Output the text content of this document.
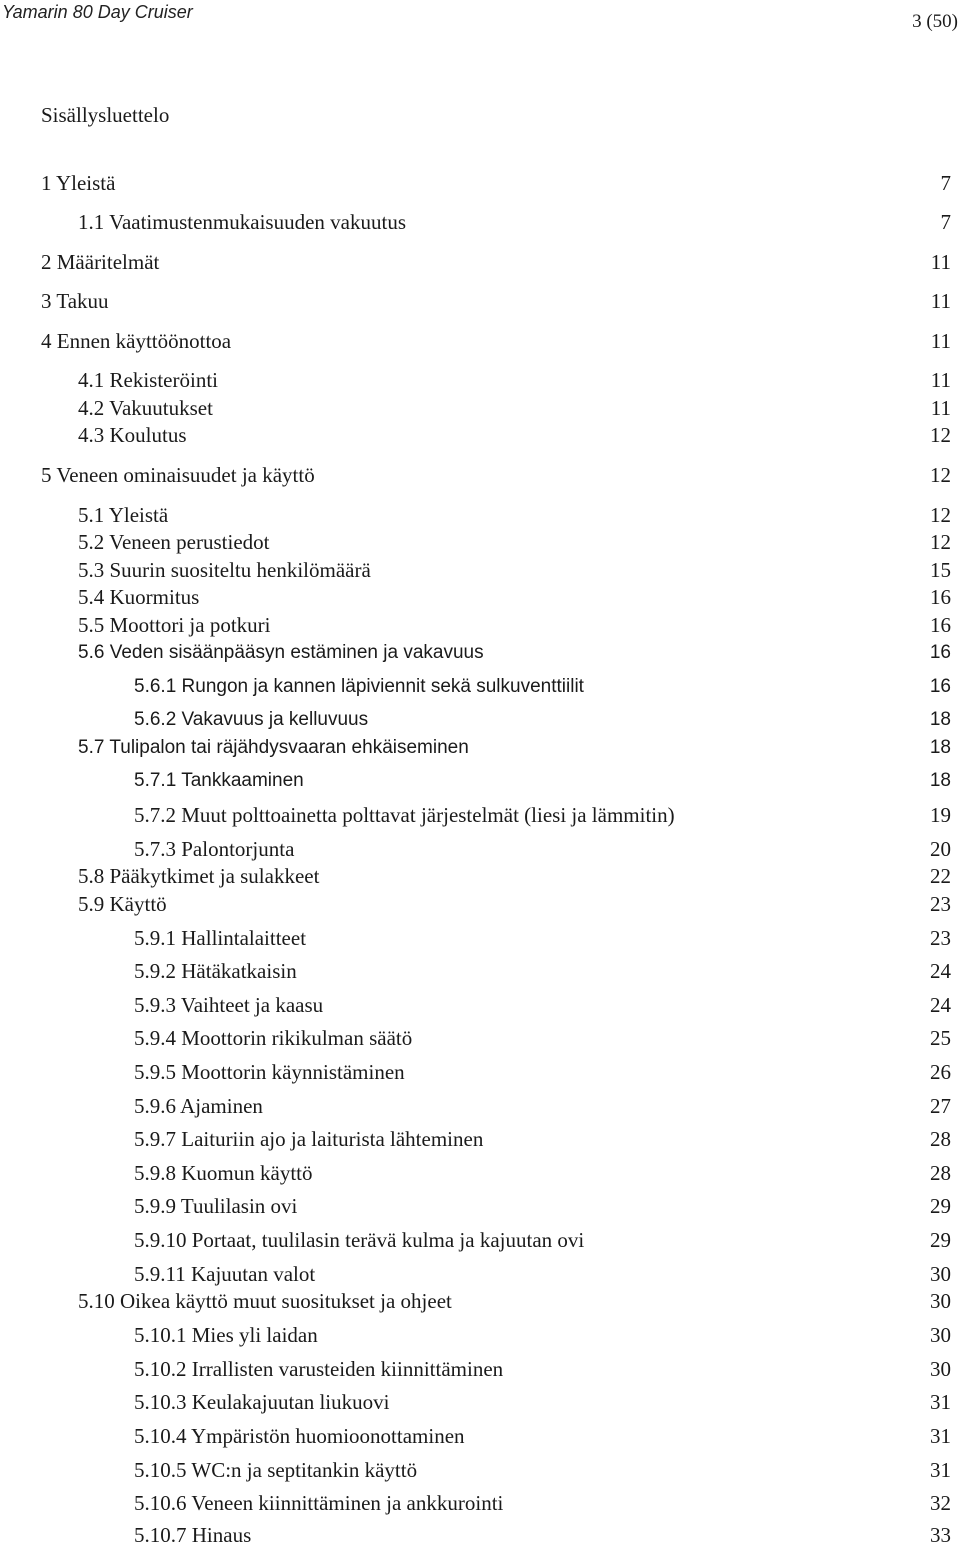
Yamarin 80 Day Cruiser	3 (50)
Sisällysluettelo
1 Yleistä	7
1.1 Vaatimustenmukaisuuden vakuutus	7
2 Määritelmät	11
3 Takuu	11
4 Ennen käyttöönottoa	11
4.1 Rekisteröinti	11
4.2 Vakuutukset	11
4.3 Koulutus	12
5 Veneen ominaisuudet ja käyttö	12
5.1 Yleistä	12
5.2 Veneen perustiedot	12
5.3 Suurin suositeltu henkilömäärä	15
5.4 Kuormitus	16
5.5 Moottori ja potkuri	16
5.6 Veden sisäänpääsyn estäminen ja vakavuus	16
5.6.1 Rungon ja kannen läpiviennit sekä sulkuventtiilit	16
5.6.2 Vakavuus ja kelluvuus	18
5.7 Tulipalon tai räjähdysvaaran ehkäiseminen	18
5.7.1 Tankkaaminen	18
5.7.2 Muut polttoainetta polttavat järjestelmät (liesi ja lämmitin)	19
5.7.3 Palontorjunta	20
5.8 Pääkytkimet ja sulakkeet	22
5.9 Käyttö	23
5.9.1 Hallintalaitteet	23
5.9.2 Hätäkatkaisin	24
5.9.3 Vaihteet ja kaasu	24
5.9.4 Moottorin rikikulman säätö	25
5.9.5 Moottorin käynnistäminen	26
5.9.6 Ajaminen	27
5.9.7 Laituriin ajo ja laiturista lähteminen	28
5.9.8 Kuomun käyttö	28
5.9.9 Tuulilasin ovi	29
5.9.10 Portaat, tuulilasin terävä kulma ja kajuutan ovi	29
5.9.11 Kajuutan valot	30
5.10 Oikea käyttö muut suositukset ja ohjeet	30
5.10.1 Mies yli laidan	30
5.10.2 Irrallisten varusteiden kiinnittäminen	30
5.10.3 Keulakajuutan liukuovi	31
5.10.4 Ympäristön huomioonottaminen	31
5.10.5 WC:n ja septitankin käyttö	31
5.10.6 Veneen kiinnittäminen ja ankkurointi	32
5.10.7 Hinaus	33
